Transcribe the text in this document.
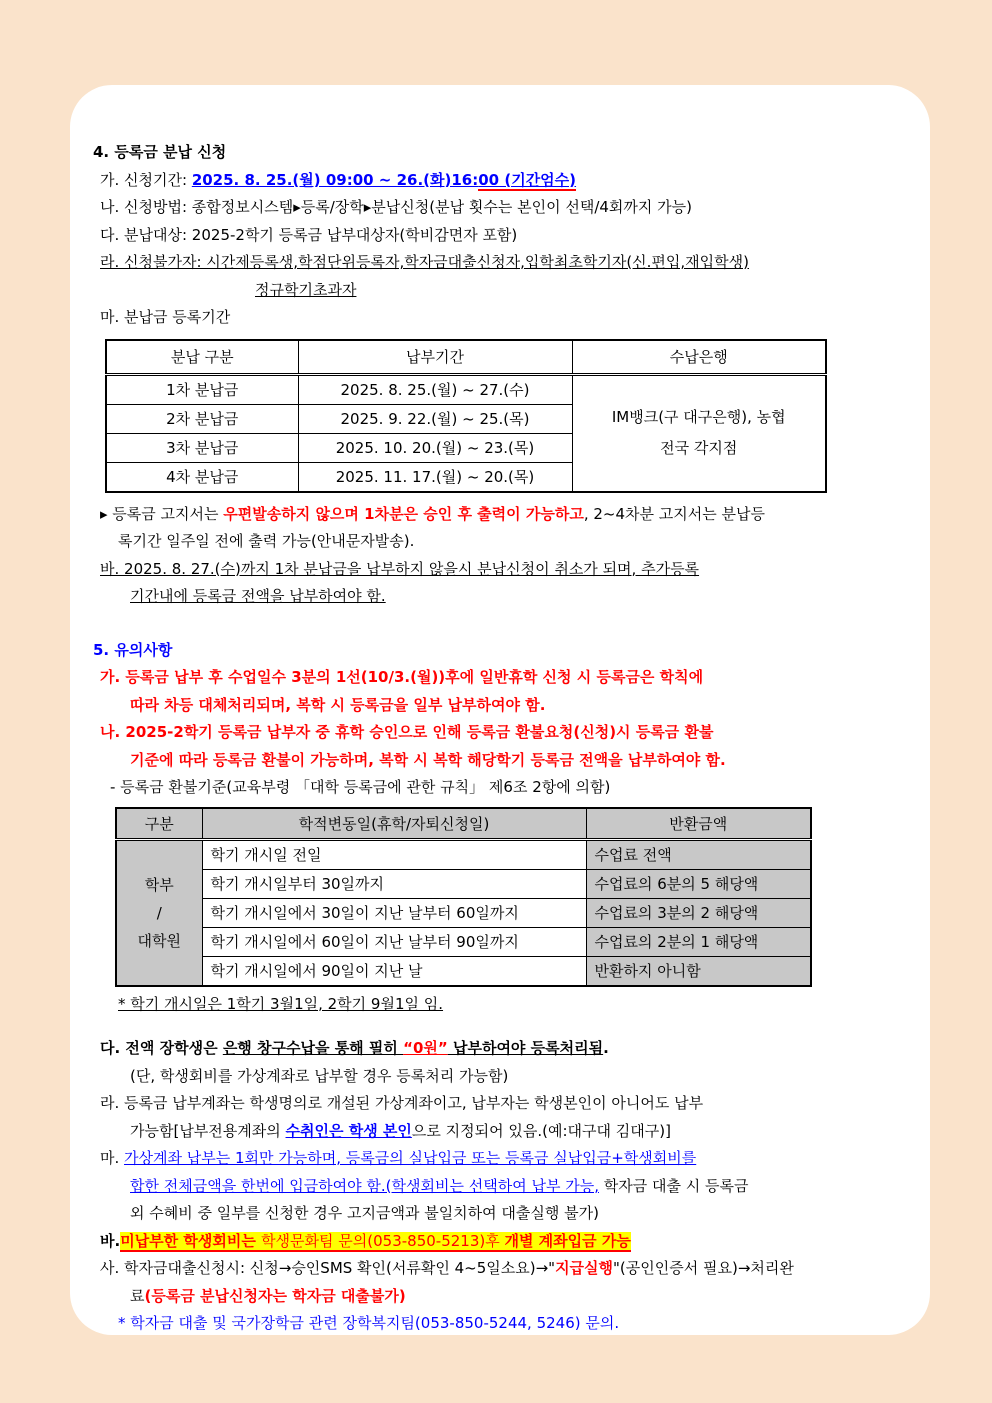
4. 등록금 분납 신청
가. 신청기간: 2025. 8. 25.(월) 09:00 ~ 26.(화)16:00 (기간엄수)
나. 신청방법: 종합정보시스템▸등록/장학▸분납신청(분납 횟수는 본인이 선택/4회까지 가능)
다. 분납대상: 2025-2학기 등록금 납부대상자(학비감면자 포함)
라. 신청불가자: 시간제등록생,학점단위등록자,학자금대출신청자,입학최초학기자(신.편입,재입학생)
정규학기초과자
마. 분납금 등록기간
분납 구분	납부기간	수납은행
1차 분납금	2025. 8. 25.(월) ~ 27.(수)	IM뱅크(구 대구은행), 농협
전국 각지점

2차 분납금	2025. 9. 22.(월) ~ 25.(목)	
3차 분납금	2025. 10. 20.(월) ~ 23.(목)	
4차 분납금	2025. 11. 17.(월) ~ 20.(목)	
▸ 등록금 고지서는 우편발송하지 않으며 1차분은 승인 후 출력이 가능하고, 2~4차분 고지서는 분납등
록기간 일주일 전에 출력 가능(안내문자발송).
바. 2025. 8. 27.(수)까지 1차 분납금을 납부하지 않을시 분납신청이 취소가 되며, 추가등록
기간내에 등록금 전액을 납부하여야 함.
5. 유의사항
가. 등록금 납부 후 수업일수 3분의 1선(10/3.(월))후에 일반휴학 신청 시 등록금은 학칙에
따라 차등 대체처리되며, 복학 시 등록금을 일부 납부하여야 함.
나. 2025-2학기 등록금 납부자 중 휴학 승인으로 인해 등록금 환불요청(신청)시 등록금 환불
기준에 따라 등록금 환불이 가능하며, 복학 시 복학 해당학기 등록금 전액을 납부하여야 함.
- 등록금 환불기준(교육부령 「대학 등록금에 관한 규칙」 제6조 2항에 의함)
구분	학적변동일(휴학/자퇴신청일)	반환금액

학부
/
대학원	학기 개시일 전일	수업료 전액
	학기 개시일부터 30일까지	수업료의 6분의 5 해당액
	학기 개시일에서 30일이 지난 날부터 60일까지	수업료의 3분의 2 해당액
	학기 개시일에서 60일이 지난 날부터 90일까지	수업료의 2분의 1 해당액
	학기 개시일에서 90일이 지난 날	반환하지 아니함
* 학기 개시일은 1학기 3월1일, 2학기 9월1일 임.
다. 전액 장학생은 은행 창구수납을 통해 필히 “0원” 납부하여야 등록처리됨.
(단, 학생회비를 가상계좌로 납부할 경우 등록처리 가능함)
라. 등록금 납부계좌는 학생명의로 개설된 가상계좌이고, 납부자는 학생본인이 아니어도 납부
가능함[납부전용계좌의 수취인은 학생 본인으로 지정되어 있음.(예:대구대 김대구)]
마. 가상계좌 납부는 1회만 가능하며, 등록금의 실납입금 또는 등록금 실납입금+학생회비를
합한 전체금액을 한번에 입금하여야 함.(학생회비는 선택하여 납부 가능, 학자금 대출 시 등록금
외 수혜비 중 일부를 신청한 경우 고지금액과 불일치하여 대출실행 불가)
바.미납부한 학생회비는 학생문화팀 문의(053-850-5213)후 개별 계좌입금 가능
사. 학자금대출신청시: 신청→승인SMS 확인(서류확인 4~5일소요)→"지급실행"(공인인증서 필요)→처리완
료(등록금 분납신청자는 학자금 대출불가)
* 학자금 대출 및 국가장학금 관련 장학복지팀(053-850-5244, 5246) 문의.
